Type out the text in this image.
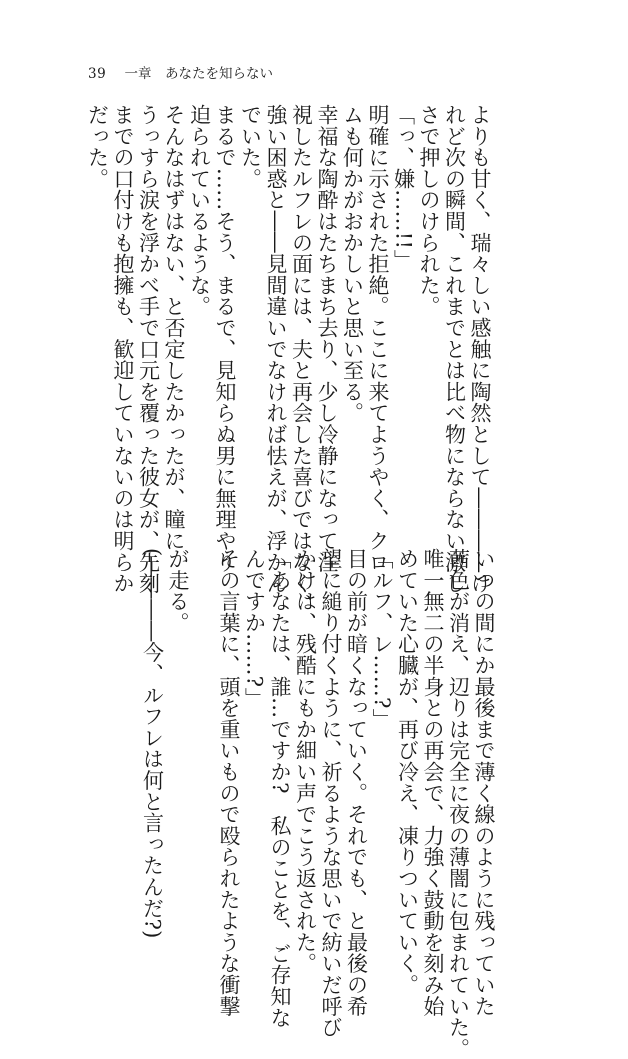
39 一章　あなたを知らない

よりも甘く、瑞々しい感触に陶然として――――け

れど次の瞬間、これまでとは比べ物にならない激し

さで押しのけられた。

「っ、嫌……!!」

明確に示された拒絶。ここに来てようやく、クロ

ムも何かがおかしいと思い至る。

幸福な陶酔はたちまち去り、少し冷静になって注

視したルフレの面には、夫と再会した喜びではなく、

強い困惑と――見間違いでなければ怯えが、浮かん

でいた。

まるで……そう、まるで、見知らぬ男に無理やり

迫られているような。

そんなはずはない、と否定したかったが、瞳に

うっすら涙を浮かべ手で口元を覆った彼女が、先刻

までの口付けも抱擁も、歓迎していないのは明らか

だった。

いつの間にか最後まで薄く線のように残っていた

茜色が消え、辺りは完全に夜の薄闇に包まれていた。

唯一無二の半身との再会で、力強く鼓動を刻み始

めていた心臓が、再び冷え、凍りついていく。

「ルフ、レ……?」

目の前が暗くなっていく。それでも、と最後の希

望に縋り付くように、祈るような思いで紡いだ呼び

かけは、残酷にもか細い声でこう返された。

「あなたは、誰…ですか?　私のことを、ご存知な

んですか……?」

その言葉に、頭を重いもので殴られたような衝撃

が走る。

(――――今、ルフレは何と言ったんだ?)
